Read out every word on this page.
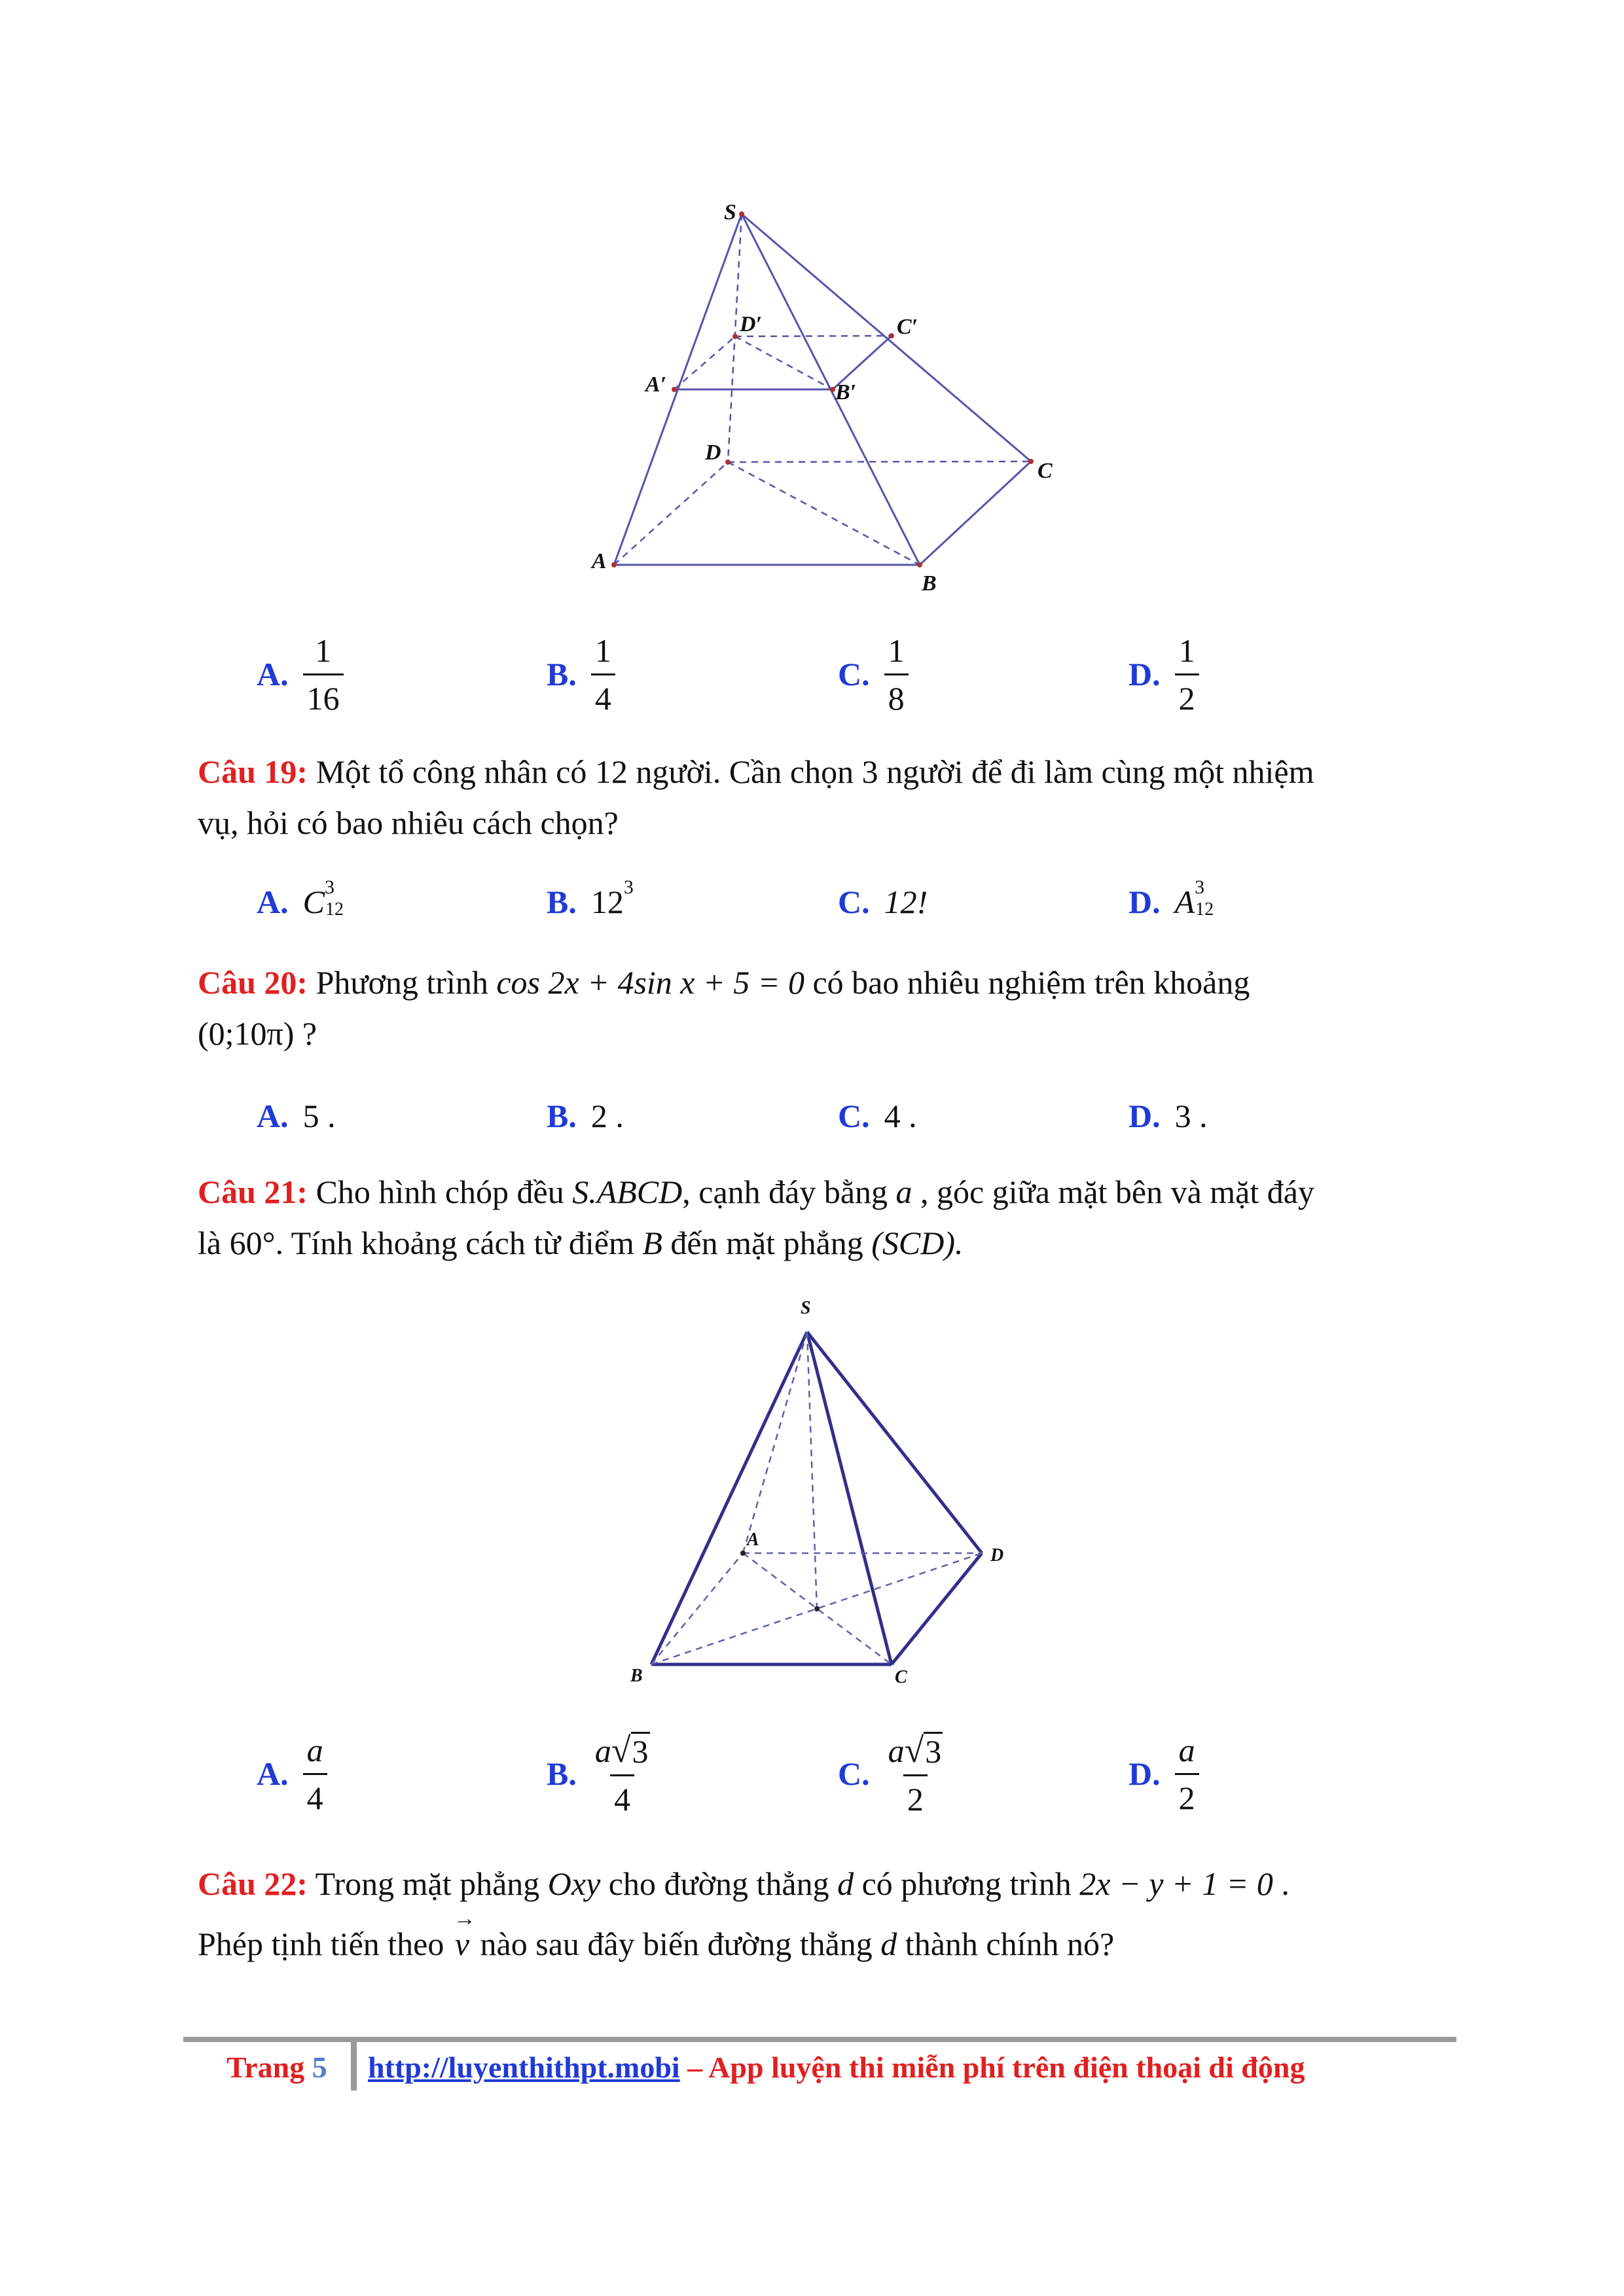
S
D′	C′
A′	B′
D
C
A
B
A. $\frac{1}{16}$	B. $\frac{1}{4}$	C. $\frac{1}{8}$	D. $\frac{1}{2}$
Câu 19: Một tổ công nhân có 12 người. Cần chọn 3 người để đi làm cùng một nhiệm
vụ, hỏi có bao nhiêu cách chọn?
A. C 3
12	B. 12 3	C. 12!	D. A 3
12
Câu 20: Phương trình cos 2x + 4sin x + 5 = 0 có bao nhiêu nghiệm trên khoảng
(0;10π) ?
A. 5 .	B. 2 .	C. 4 .	D. 3 .
Câu 21: Cho hình chóp đều S.ABCD, cạnh đáy bằng a , góc giữa mặt bên và mặt đáy
là 60°. Tính khoảng cách từ điểm B đến mặt phẳng (SCD).
S
A
D
B	C
A. $\frac{a}{4}$	B. $\frac{a √ 3}{4}$	C. $\frac{a √ 3}{2}$	D. $\frac{a}{2}$
Câu 22: Trong mặt phẳng Oxy cho đường thẳng d có phương trình 2x − y + 1 = 0 .
Phép tịnh tiến theo → v nào sau đây biến đường thẳng d thành chính nó?
Trang 5 http://luyenthithpt.mobi – App luyện thi miễn phí trên điện thoại di động
